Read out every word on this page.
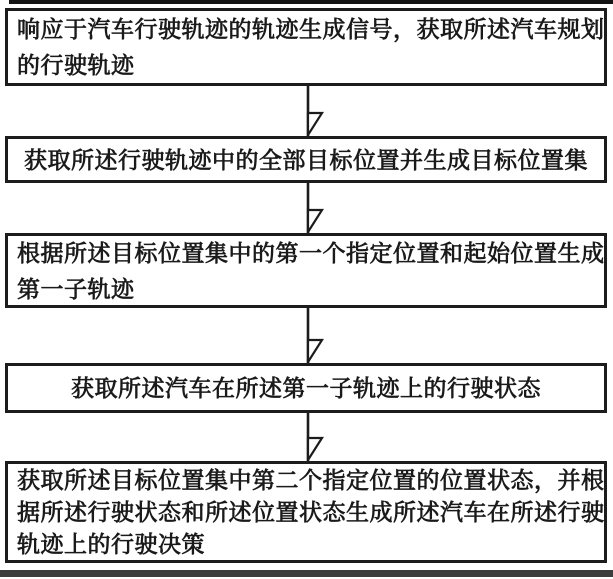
响应于汽车行驶轨迹的轨迹生成信号，获取所述汽车规划
的行驶轨迹
获取所述行驶轨迹中的全部目标位置并生成目标位置集
根据所述目标位置集中的第一个指定位置和起始位置生成
第一子轨迹
获取所述汽车在所述第一子轨迹上的行驶状态
获取所述目标位置集中第二个指定位置的位置状态，并根
据所述行驶状态和所述位置状态生成所述汽车在所述行驶
轨迹上的行驶决策
